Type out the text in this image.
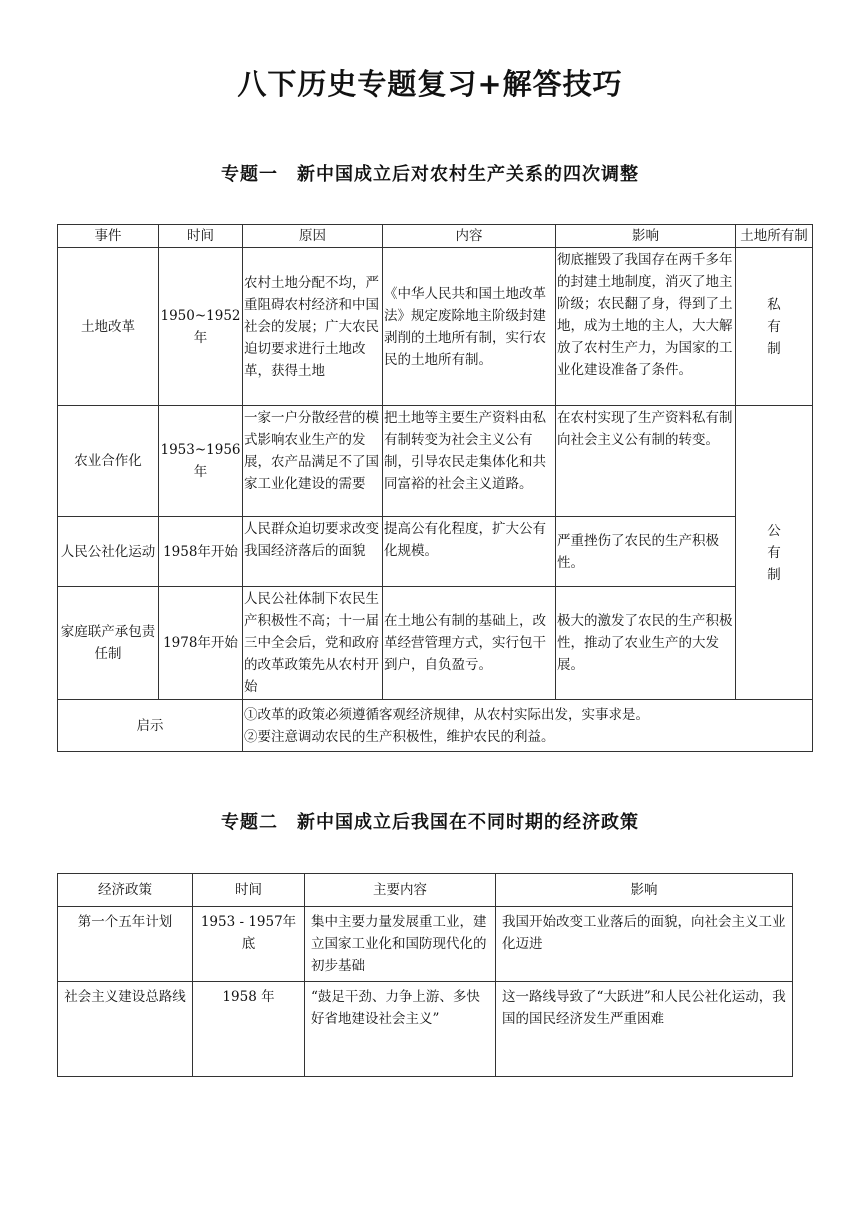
八下历史专题复习+解答技巧
专题一　新中国成立后对农村生产关系的四次调整
事件	时间	原因	内容	影响	土地所有制
土地改革	1950~1952年	农村土地分配不均，严重阻碍农村经济和中国社会的发展；广大农民迫切要求进行土地改革，获得土地	《中华人民共和国土地改革法》规定废除地主阶级封建剥削的土地所有制，实行农民的土地所有制。	彻底摧毁了我国存在两千多年的封建土地制度，消灭了地主阶级；农民翻了身，得到了土地，成为土地的主人，大大解放了农村生产力，为国家的工业化建设准备了条件。	私
有
制

农业合作化	1953~1956年	一家一户分散经营的模式影响农业生产的发展，农产品满足不了国家工业化建设的需要	把土地等主要生产资料由私有制转变为社会主义公有制，引导农民走集体化和共同富裕的社会主义道路。	在农村实现了生产资料私有制向社会主义公有制的转变。	公
有
制

人民公社化运动	1958年开始	人民群众迫切要求改变我国经济落后的面貌	提高公有化程度，扩大公有化规模。	严重挫伤了农民的生产积极性。	
家庭联产承包责任制	1978年开始	人民公社体制下农民生产积极性不高；十一届三中全会后，党和政府的改革政策先从农村开始	在土地公有制的基础上，改革经营管理方式，实行包干到户，自负盈亏。	极大的激发了农民的生产积极性，推动了农业生产的大发展。	
启示		①改革的政策必须遵循客观经济规律，从农村实际出发，实事求是。
②要注意调动农民的生产积极性，维护农民的利益。			
专题二　新中国成立后我国在不同时期的经济政策
经济政策	时间	主要内容	影响
第一个五年计划	1953 - 1957年底	集中主要力量发展重工业，建立国家工业化和国防现代化的初步基础	我国开始改变工业落后的面貌，向社会主义工业化迈进
社会主义建设总路线	1958 年	“鼓足干劲、力争上游、多快好省地建设社会主义”	这一路线导致了“大跃进”和人民公社化运动，我国的国民经济发生严重困难
